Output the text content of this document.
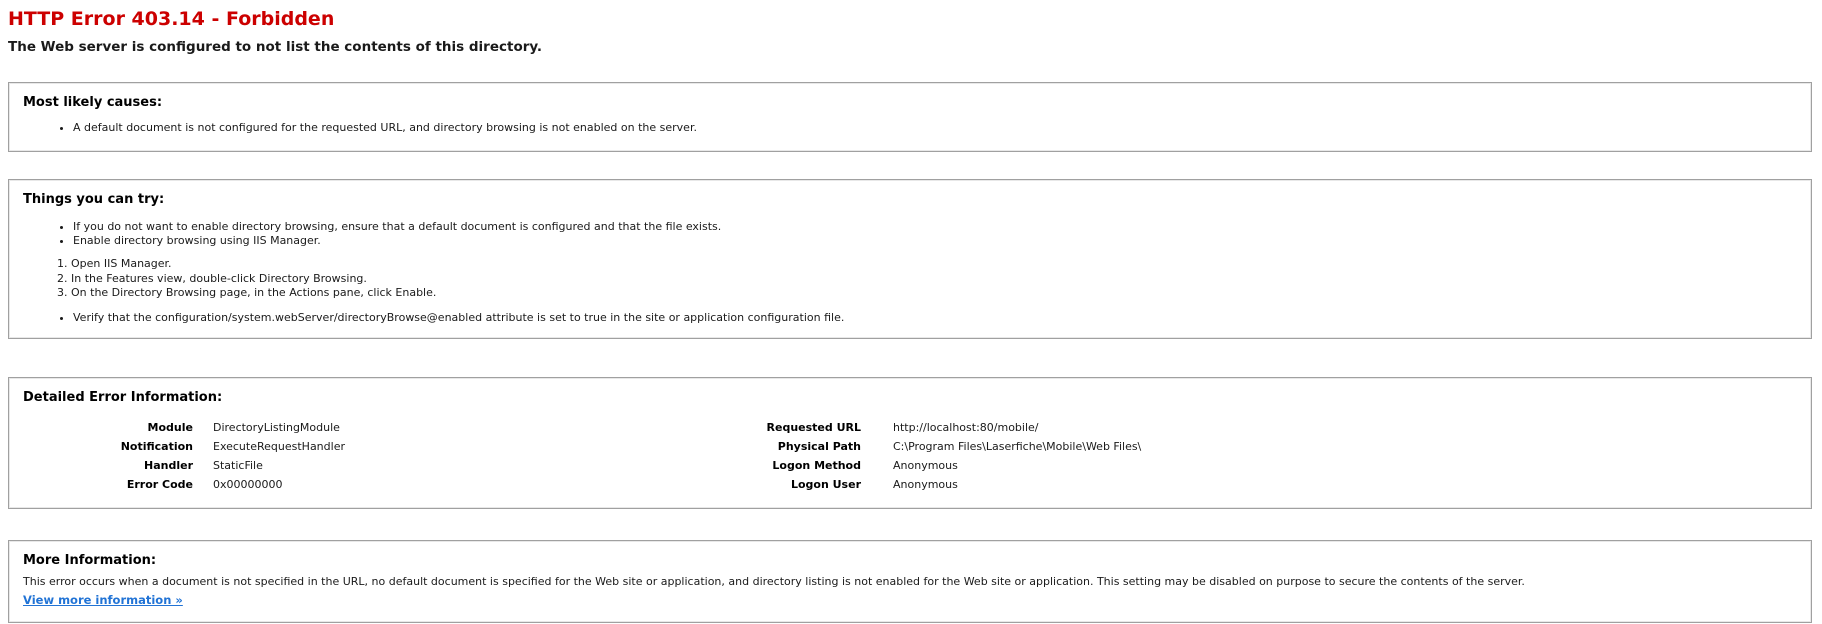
HTTP Error 403.14 - Forbidden
The Web server is configured to not list the contents of this directory.
Most likely causes:
• A default document is not configured for the requested URL, and directory browsing is not enabled on the server.
Things you can try:
• If you do not want to enable directory browsing, ensure that a default document is configured and that the file exists.
• Enable directory browsing using IIS Manager.
1. Open IIS Manager.
2. In the Features view, double-click Directory Browsing.
3. On the Directory Browsing page, in the Actions pane, click Enable.
• Verify that the configuration/system.webServer/directoryBrowse@enabled attribute is set to true in the site or application configuration file.
Detailed Error Information:
Module	DirectoryListingModule
Notification	ExecuteRequestHandler
Handler	StaticFile
Error Code	0x00000000
Requested URL	http://localhost:80/mobile/
Physical Path	C:\Program Files\Laserfiche\Mobile\Web Files\
Logon Method	Anonymous
Logon User	Anonymous
More Information:
This error occurs when a document is not specified in the URL, no default document is specified for the Web site or application, and directory listing is not enabled for the Web site or application. This setting may be disabled on purpose to secure the contents of the server.
View more information »
